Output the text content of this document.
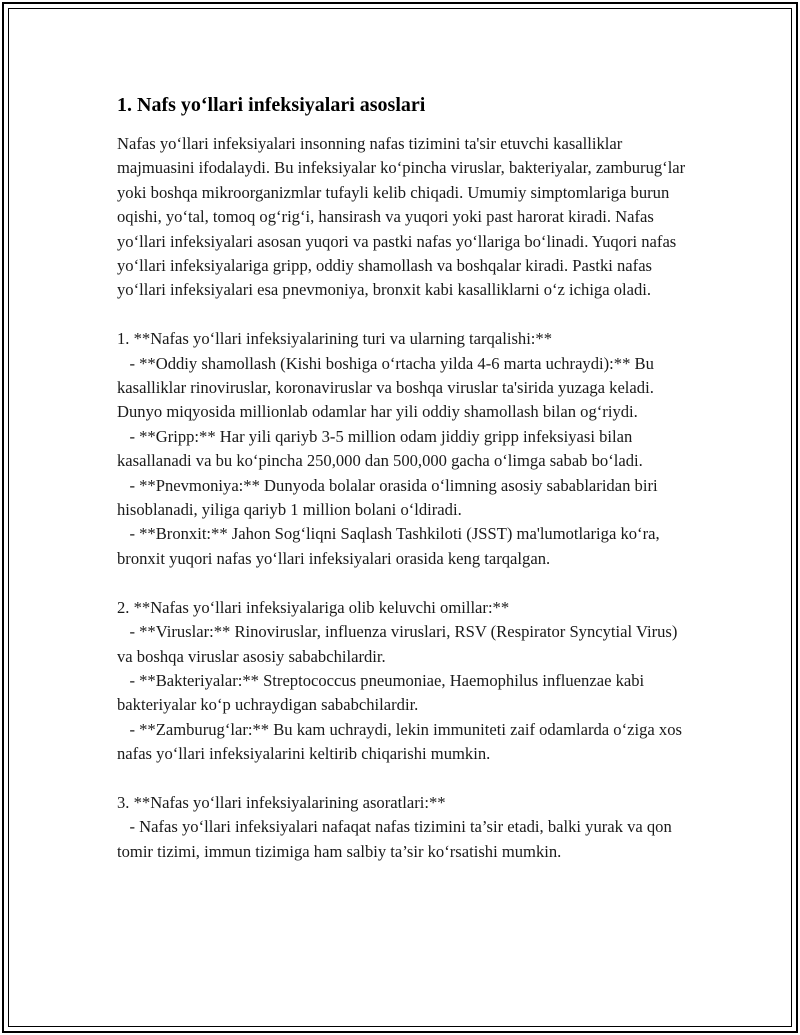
1. Nafs yo‘llari infeksiyalari asoslari

Nafas yo‘llari infeksiyalari insonning nafas tizimini ta'sir etuvchi kasalliklar majmuasini ifodalaydi. Bu infeksiyalar ko‘pincha viruslar, bakteriyalar, zamburug‘lar yoki boshqa mikroorganizmlar tufayli kelib chiqadi. Umumiy simptomlariga burun oqishi, yo‘tal, tomoq og‘rig‘i, hansirash va yuqori yoki past harorat kiradi. Nafas yo‘llari infeksiyalari asosan yuqori va pastki nafas yo‘llariga bo‘linadi. Yuqori nafas yo‘llari infeksiyalariga gripp, oddiy shamollash va boshqalar kiradi. Pastki nafas yo‘llari infeksiyalari esa pnevmoniya, bronxit kabi kasalliklarni o‘z ichiga oladi.

1. **Nafas yo‘llari infeksiyalarining turi va ularning tarqalishi:**

- **Oddiy shamollash (Kishi boshiga o‘rtacha yilda 4-6 marta uchraydi):** Bu kasalliklar rinoviruslar, koronaviruslar va boshqa viruslar ta'sirida yuzaga keladi. Dunyo miqyosida millionlab odamlar har yili oddiy shamollash bilan og‘riydi.

- **Gripp:** Har yili qariyb 3-5 million odam jiddiy gripp infeksiyasi bilan kasallanadi va bu ko‘pincha 250,000 dan 500,000 gacha o‘limga sabab bo‘ladi.

- **Pnevmoniya:** Dunyoda bolalar orasida o‘limning asosiy sabablaridan biri hisoblanadi, yiliga qariyb 1 million bolani o‘ldiradi.

- **Bronxit:** Jahon Sog‘liqni Saqlash Tashkiloti (JSST) ma'lumotlariga ko‘ra, bronxit yuqori nafas yo‘llari infeksiyalari orasida keng tarqalgan.

2. **Nafas yo‘llari infeksiyalariga olib keluvchi omillar:**

- **Viruslar:** Rinoviruslar, influenza viruslari, RSV (Respirator Syncytial Virus) va boshqa viruslar asosiy sababchilardir.

- **Bakteriyalar:** Streptococcus pneumoniae, Haemophilus influenzae kabi bakteriyalar ko‘p uchraydigan sababchilardir.

- **Zamburug‘lar:** Bu kam uchraydi, lekin immuniteti zaif odamlarda o‘ziga xos nafas yo‘llari infeksiyalarini keltirib chiqarishi mumkin.

3. **Nafas yo‘llari infeksiyalarining asoratlari:**

- Nafas yo‘llari infeksiyalari nafaqat nafas tizimini ta’sir etadi, balki yurak va qon tomir tizimi, immun tizimiga ham salbiy ta’sir ko‘rsatishi mumkin.
